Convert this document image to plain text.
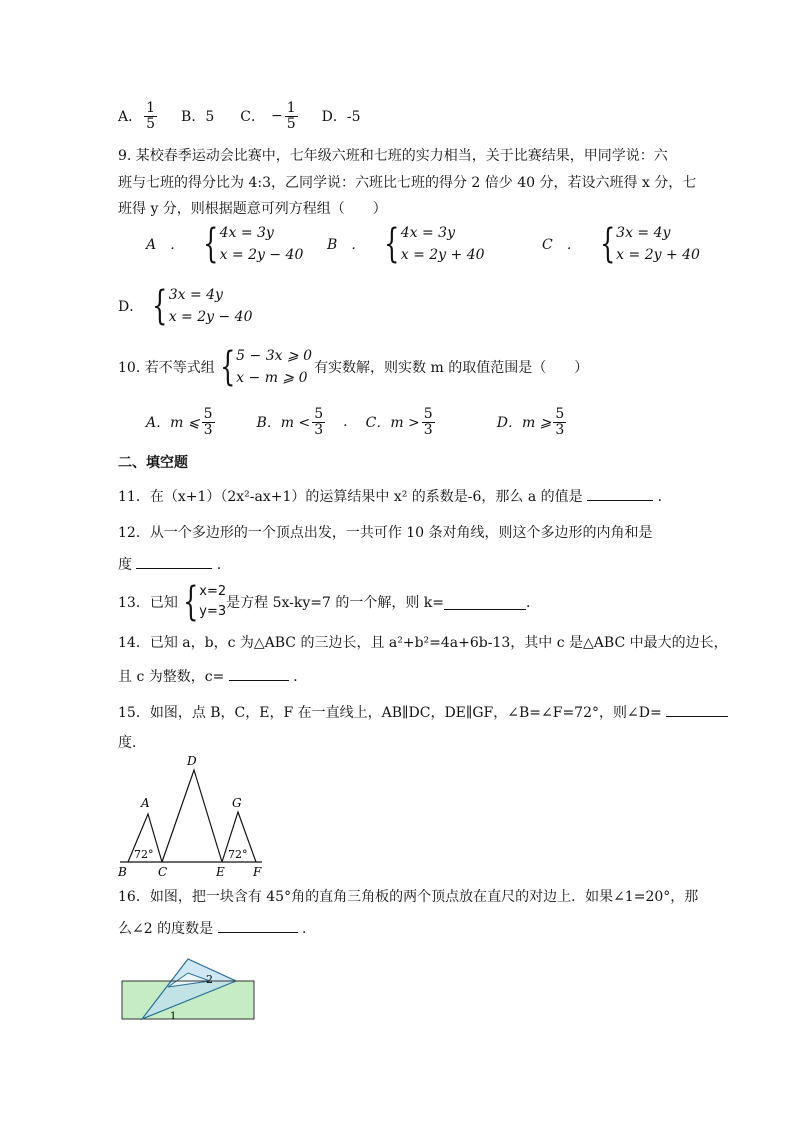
A． $\frac{1}{5}$ B．5 C． − $\frac{1}{5}$ D．-5
9. 某校春季运动会比赛中，七年级六班和七班的实力相当，关于比赛结果，甲同学说：六
班与七班的得分比为 4:3，乙同学说：六班比七班的得分 2 倍少 40 分，若设六班得 x 分，七
班得 y 分，则根据题意可列方程组（　　）
A　． { 4x = 3y
x = 2y − 40
B　． { 4x = 3y
x = 2y + 40
C　． { 3x = 4y
x = 2y + 40
D． { 3x = 4y
x = 2y − 40
10. 若不等式组 { 5 − 3x ⩾ 0
x − m ⩾ 0
有实数解，则实数 m 的取值范围是（　　）
A．m ⩽ $\frac{5}{3}$	B．$m < \frac{5}{3}$ . C．$m > \frac{5}{3}$	D．m ⩾ $\frac{5}{3}$
二、填空题
11．在（x+1）（2x²-ax+1）的运算结果中 x² 的系数是-6，那么 a 的值是	．
12．从一个多边形的一个顶点出发，一共可作 10 条对角线，则这个多边形的内角和是
度	．
13．已知 { x=2
y=3
是方程 5x-ky=7 的一个解，则 k=	．
14．已知 a，b，c 为△ABC 的三边长，且 a²+b²=4a+6b-13，其中 c 是△ABC 中最大的边长，
且 c 为整数，c=	．
15．如图，点 B，C，E，F 在一直线上，AB∥DC，DE∥GF，∠B=∠F=72°，则∠D=
度．
A
B	C
D
E F
G
72°	72°
16．如图，把一块含有 45°角的直角三角板的两个顶点放在直尺的对边上．如果∠1=20°，那
么∠2 的度数是	．
2
1
